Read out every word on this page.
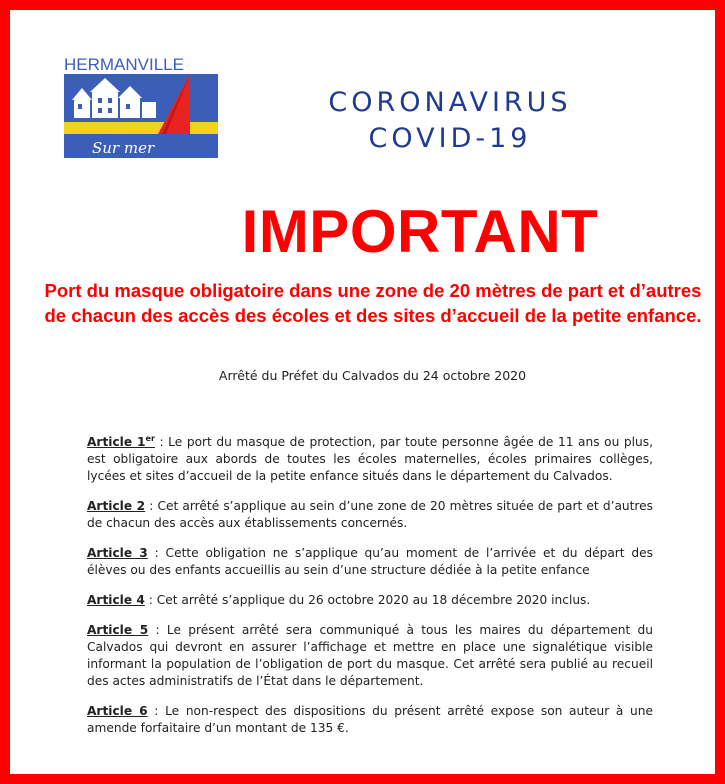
HERMANVILLE
Sur mer
CORONAVIRUS
COVID-19
IMPORTANT
Port du masque obligatoire dans une zone de 20 mètres de part et d’autres de chacun des accès des écoles et des sites d’accueil de la petite enfance.
Arrêté du Préfet du Calvados du 24 octobre 2020

Article 1er : Le port du masque de protection, par toute personne âgée de 11 ans ou plus, est obligatoire aux abords de toutes les écoles maternelles, écoles primaires collèges, lycées et sites d’accueil de la petite enfance situés dans le département du Calvados.

Article 2 : Cet arrêté s’applique au sein d’une zone de 20 mètres située de part et d’autres de chacun des accès aux établissements concernés.

Article 3 : Cette obligation ne s’applique qu’au moment de l’arrivée et du départ des élèves ou des enfants accueillis au sein d’une structure dédiée à la petite enfance

Article 4 : Cet arrêté s’applique du 26 octobre 2020 au 18 décembre 2020 inclus.

Article 5 : Le présent arrêté sera communiqué à tous les maires du département du Calvados qui devront en assurer l’affichage et mettre en place une signalétique visible informant la population de l’obligation de port du masque. Cet arrêté sera publié au recueil des actes administratifs de l’État dans le département.

Article 6 : Le non-respect des dispositions du présent arrêté expose son auteur à une amende forfaitaire d’un montant de 135 €.
